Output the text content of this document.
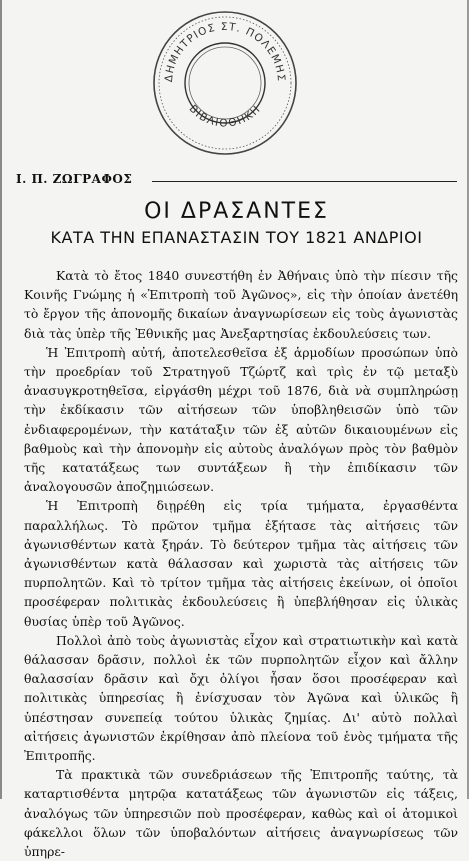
ΔΗΜΗΤΡΙΟΣ ΣΤ. ΠΟΛΕΜΗΣ
ΒΙΒΛΙΟΘΗΚΗ
Ι. Π. ΖΩΓΡΑΦΟΣ
ΟΙ ΔΡΑΣΑΝΤΕΣ
ΚΑΤΑ ΤΗΝ ΕΠΑΝΑΣΤΑΣΙΝ ΤΟΥ 1821 ΑΝΔΡΙΟΙ

Κατὰ τὸ ἔτος 1840 συνεστήθη ἐν Ἀθήναις ὑπὸ τὴν πίεσιν τῆς Κοινῆς Γνώμης ἡ «Ἐπιτροπὴ τοῦ Ἀγῶνος», εἰς τὴν ὁποίαν ἀνετέθη τὸ ἔργον τῆς ἀπονομῆς δικαίων ἀναγνωρίσεων εἰς τοὺς ἀγωνιστὰς διὰ τὰς ὑπὲρ τῆς Ἐθνικῆς μας Ἀνεξαρτησίας ἐκδουλεύσεις των.

Ἡ Ἐπιτροπὴ αὐτή, ἀποτελεσθεῖσα ἐξ ἁρμοδίων προσώπων ὑπὸ τὴν προεδρίαν τοῦ Στρατηγοῦ Τζώρτζ καὶ τρὶς ἐν τῷ μεταξὺ ἀνασυγκροτηθεῖσα, εἰργάσθη μέχρι τοῦ 1876, διὰ νὰ συμπληρώσῃ τὴν ἐκδίκασιν τῶν αἰτήσεων τῶν ὑποβληθεισῶν ὑπὸ τῶν ἐνδιαφερομένων, τὴν κατάταξιν τῶν ἐξ αὐτῶν δικαιουμένων εἰς βαθμοὺς καὶ τὴν ἀπονομὴν εἰς αὐτοὺς ἀναλόγων πρὸς τὸν βαθμὸν τῆς κατατάξεως των συντάξεων ἢ τὴν ἐπιδίκασιν τῶν ἀναλογουσῶν ἀποζημιώσεων.

Ἡ Ἐπιτροπὴ διῃρέθη εἰς τρία τμήματα, ἐργασθέντα παραλλήλως. Τὸ πρῶτον τμῆμα ἐξήτασε τὰς αἰτήσεις τῶν ἀγωνισθέντων κατὰ ξηράν. Τὸ δεύτερον τμῆμα τὰς αἰτήσεις τῶν ἀγωνισθέντων κατὰ θάλασσαν καὶ χωριστὰ τὰς αἰτήσεις τῶν πυρπολητῶν. Καὶ τὸ τρίτον τμῆμα τὰς αἰτήσεις ἐκείνων, οἱ ὁποῖοι προσέφεραν πολιτικὰς ἐκδουλεύσεις ἢ ὑπεβλήθησαν εἰς ὑλικὰς θυσίας ὑπὲρ τοῦ Ἀγῶνος.

Πολλοὶ ἀπὸ τοὺς ἀγωνιστὰς εἶχον καὶ στρατιωτικὴν καὶ κατὰ θάλασσαν δρᾶσιν, πολλοὶ ἐκ τῶν πυρπολητῶν εἶχον καὶ ἄλλην θαλασσίαν δρᾶσιν καὶ ὄχι ὀλίγοι ἦσαν ὅσοι προσέφεραν καὶ πολιτικὰς ὑπηρεσίας ἢ ἐνίσχυσαν τὸν Ἀγῶνα καὶ ὑλικῶς ἢ ὑπέστησαν συνεπείᾳ τούτου ὑλικὰς ζημίας. Δι' αὐτὸ πολλαὶ αἰτήσεις ἀγωνιστῶν ἐκρίθησαν ἀπὸ πλείονα τοῦ ἑνὸς τμήματα τῆς Ἐπιτροπῆς.

Τὰ πρακτικὰ τῶν συνεδριάσεων τῆς Ἐπιτροπῆς ταύτης, τὰ καταρτισθέντα μητρῷα κατατάξεως τῶν ἀγωνιστῶν εἰς τάξεις, ἀναλόγως τῶν ὑπηρεσιῶν ποὺ προσέφεραν, καθὼς καὶ οἱ ἀτομικοὶ φάκελλοι ὅλων τῶν ὑποβαλόντων αἰτήσεις ἀναγνωρίσεως τῶν ὑπηρε-
